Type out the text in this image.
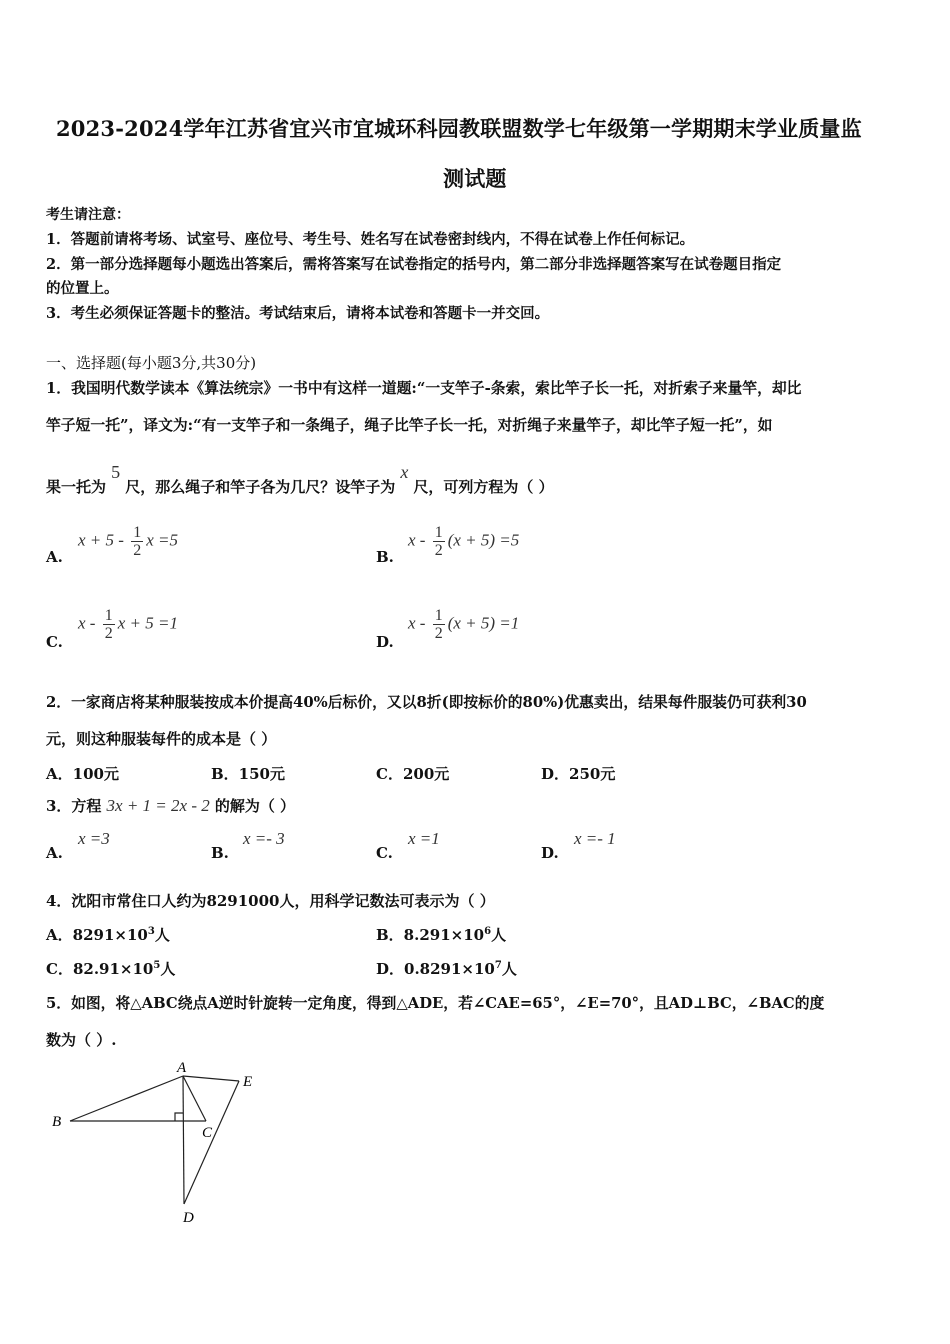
2023-2024学年江苏省宜兴市宜城环科园教联盟数学七年级第一学期期末学业质量监
测试题
考生请注意：
1．答题前请将考场、试室号、座位号、考生号、姓名写在试卷密封线内，不得在试卷上作任何标记。
2．第一部分选择题每小题选出答案后，需将答案写在试卷指定的括号内，第二部分非选择题答案写在试卷题目指定
的位置上。
3．考生必须保证答题卡的整洁。考试结束后，请将本试卷和答题卡一并交回。
一、选择题(每小题3分,共30分)
1．我国明代数学读本《算法统宗》一书中有这样一道题:“一支竿子-条索，索比竿子长一托，对折索子来量竿，却比
竿子短一托”，译文为:“有一支竿子和一条绳子，绳子比竿子长一托，对折绳子来量竿子，却比竿子短一托”，如
果一托为 5 尺，那么绳子和竿子各为几尺？设竿子为 x 尺，可列方程为（ ）
A.
$x + 5 - \frac{1}{2}$ x =5
B.
$x - \frac{1}{2} (x + 5) =5$
C.
x - $\frac{1}{2}$ x + 5 =1
D.
$x - \frac{1}{2} (x + 5) =1$
2．一家商店将某种服装按成本价提高40%后标价，又以8折(即按标价的80%)优惠卖出，结果每件服装仍可获利30
元，则这种服装每件的成本是（ ）
A．100元	B．150元	C．200元	D．250元
3．方程 3x + 1 = 2x - 2 的解为（ ）
A.
x =3
B.
x =- 3
C.
x =1
D.
x =- 1
4．沈阳市常住口人约为8291000人，用科学记数法可表示为（ ）
A．$8291\times 10^3$人	B．$8.291\times 10^6$人
C．$82.91\times 10^5$人	D．$0.8291\times 10^7$人
5．如图，将△ABC绕点A逆时针旋转一定角度，得到△ADE，若∠CAE=65°，∠E=70°，且AD⊥BC，∠BAC的度
数为（ ）.
A
B
C
D
E
